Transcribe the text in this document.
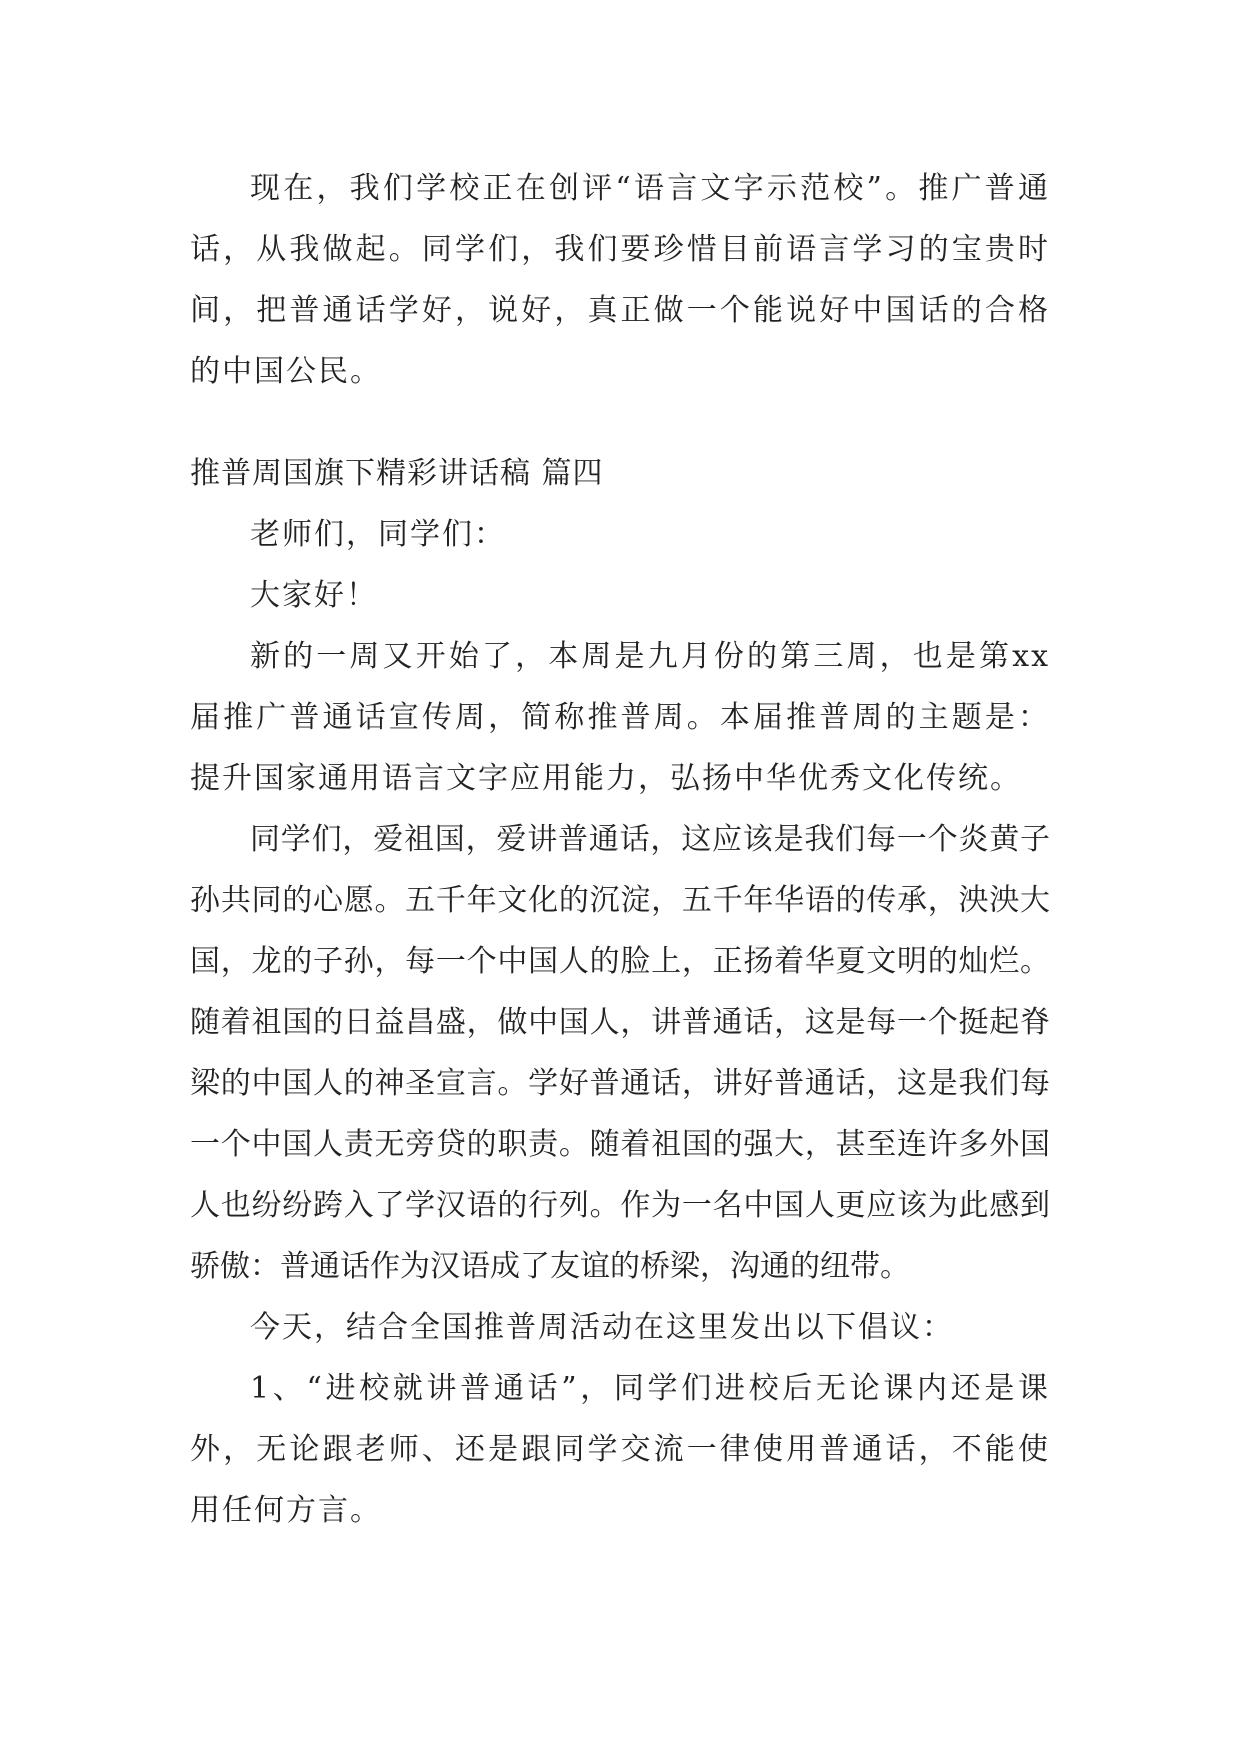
现在，我们学校正在创评“语言文字示范校”。推广普通话，从我做起。同学们，我们要珍惜目前语言学习的宝贵时间，把普通话学好，说好，真正做一个能说好中国话的合格的中国公民。

推普周国旗下精彩讲话稿 篇四

老师们，同学们：

大家好！

新的一周又开始了，本周是九月份的第三周，也是第xx届推广普通话宣传周，简称推普周。本届推普周的主题是：提升国家通用语言文字应用能力，弘扬中华优秀文化传统。

同学们，爱祖国，爱讲普通话，这应该是我们每一个炎黄子孙共同的心愿。五千年文化的沉淀，五千年华语的传承，泱泱大国，龙的子孙，每一个中国人的脸上，正扬着华夏文明的灿烂。随着祖国的日益昌盛，做中国人，讲普通话，这是每一个挺起脊梁的中国人的神圣宣言。学好普通话，讲好普通话，这是我们每一个中国人责无旁贷的职责。随着祖国的强大，甚至连许多外国人也纷纷跨入了学汉语的行列。作为一名中国人更应该为此感到骄傲：普通话作为汉语成了友谊的桥梁，沟通的纽带。

今天，结合全国推普周活动在这里发出以下倡议：

1、“进校就讲普通话”，同学们进校后无论课内还是课外，无论跟老师、还是跟同学交流一律使用普通话，不能使用任何方言。
